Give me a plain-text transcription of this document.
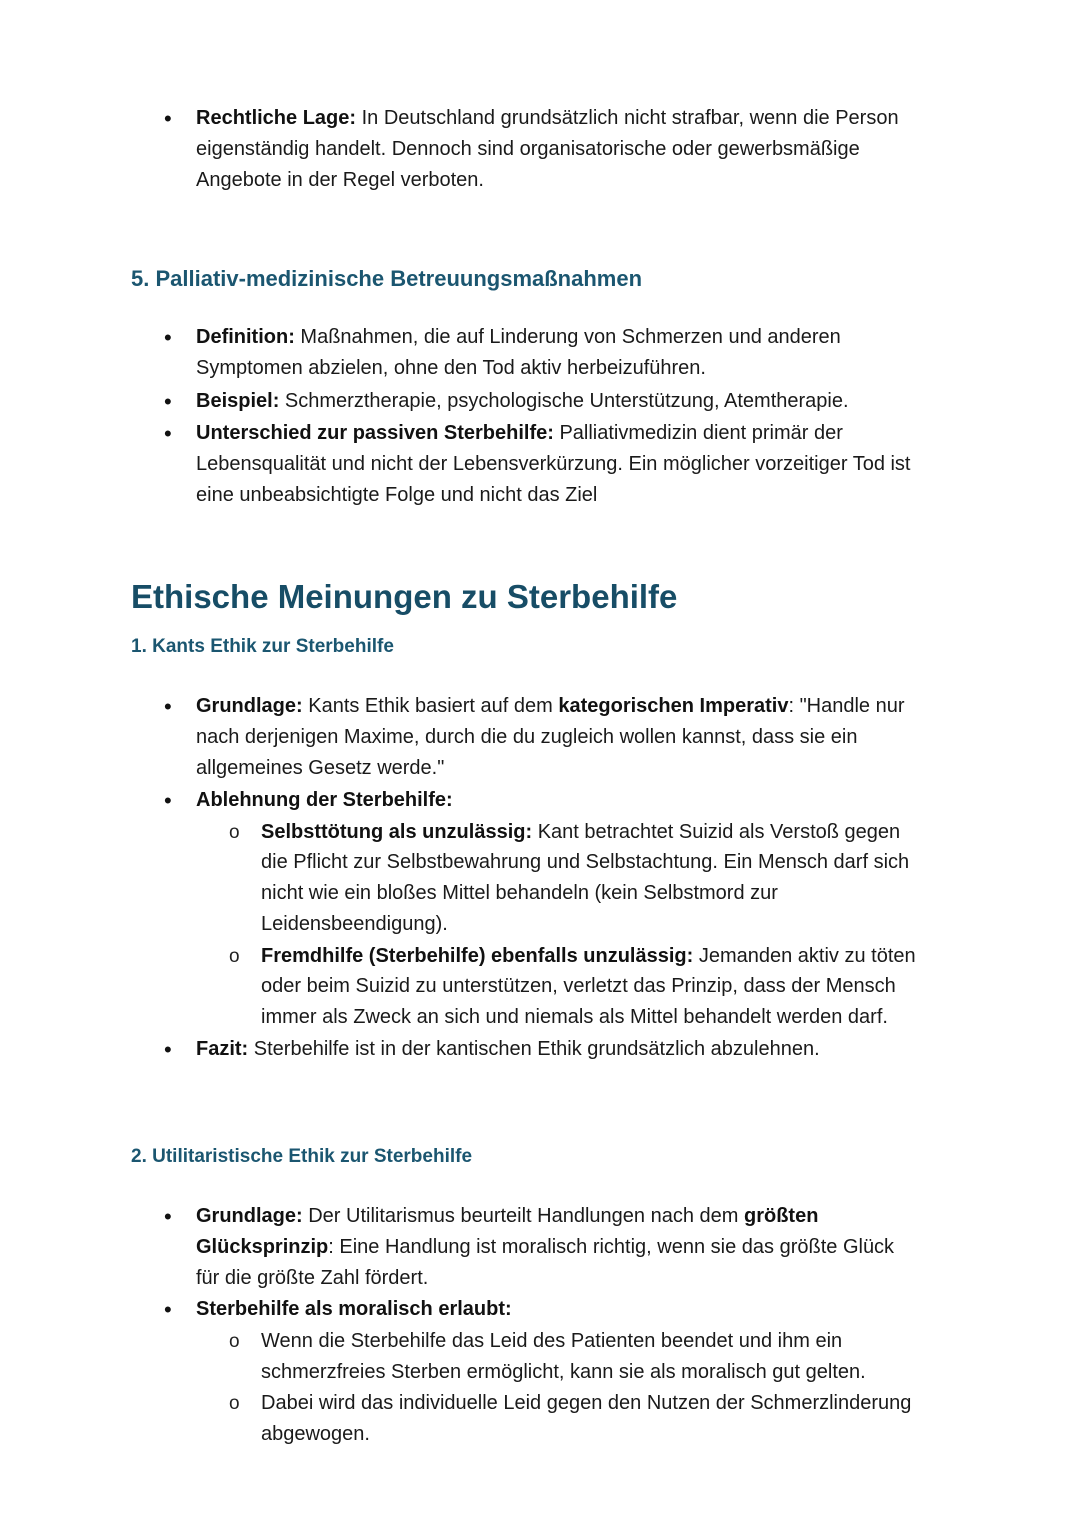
• Rechtliche Lage: In Deutschland grundsätzlich nicht strafbar, wenn die Person
eigenständig handelt. Dennoch sind organisatorische oder gewerbsmäßige
Angebote in der Regel verboten.
5. Palliativ-medizinische Betreuungsmaßnahmen
• Definition: Maßnahmen, die auf Linderung von Schmerzen und anderen
Symptomen abzielen, ohne den Tod aktiv herbeizuführen.
• Beispiel: Schmerztherapie, psychologische Unterstützung, Atemtherapie.
• Unterschied zur passiven Sterbehilfe: Palliativmedizin dient primär der
Lebensqualität und nicht der Lebensverkürzung. Ein möglicher vorzeitiger Tod ist
eine unbeabsichtigte Folge und nicht das Ziel
Ethische Meinungen zu Sterbehilfe
1. Kants Ethik zur Sterbehilfe
• Grundlage: Kants Ethik basiert auf dem kategorischen Imperativ: "Handle nur
nach derjenigen Maxime, durch die du zugleich wollen kannst, dass sie ein
allgemeines Gesetz werde."
• Ablehnung der Sterbehilfe:
o Selbsttötung als unzulässig: Kant betrachtet Suizid als Verstoß gegen
die Pflicht zur Selbstbewahrung und Selbstachtung. Ein Mensch darf sich
nicht wie ein bloßes Mittel behandeln (kein Selbstmord zur
Leidensbeendigung).
o Fremdhilfe (Sterbehilfe) ebenfalls unzulässig: Jemanden aktiv zu töten
oder beim Suizid zu unterstützen, verletzt das Prinzip, dass der Mensch
immer als Zweck an sich und niemals als Mittel behandelt werden darf.
• Fazit: Sterbehilfe ist in der kantischen Ethik grundsätzlich abzulehnen.
2. Utilitaristische Ethik zur Sterbehilfe
• Grundlage: Der Utilitarismus beurteilt Handlungen nach dem größten
Glücksprinzip: Eine Handlung ist moralisch richtig, wenn sie das größte Glück
für die größte Zahl fördert.
• Sterbehilfe als moralisch erlaubt:
o Wenn die Sterbehilfe das Leid des Patienten beendet und ihm ein
schmerzfreies Sterben ermöglicht, kann sie als moralisch gut gelten.
o Dabei wird das individuelle Leid gegen den Nutzen der Schmerzlinderung
abgewogen.
